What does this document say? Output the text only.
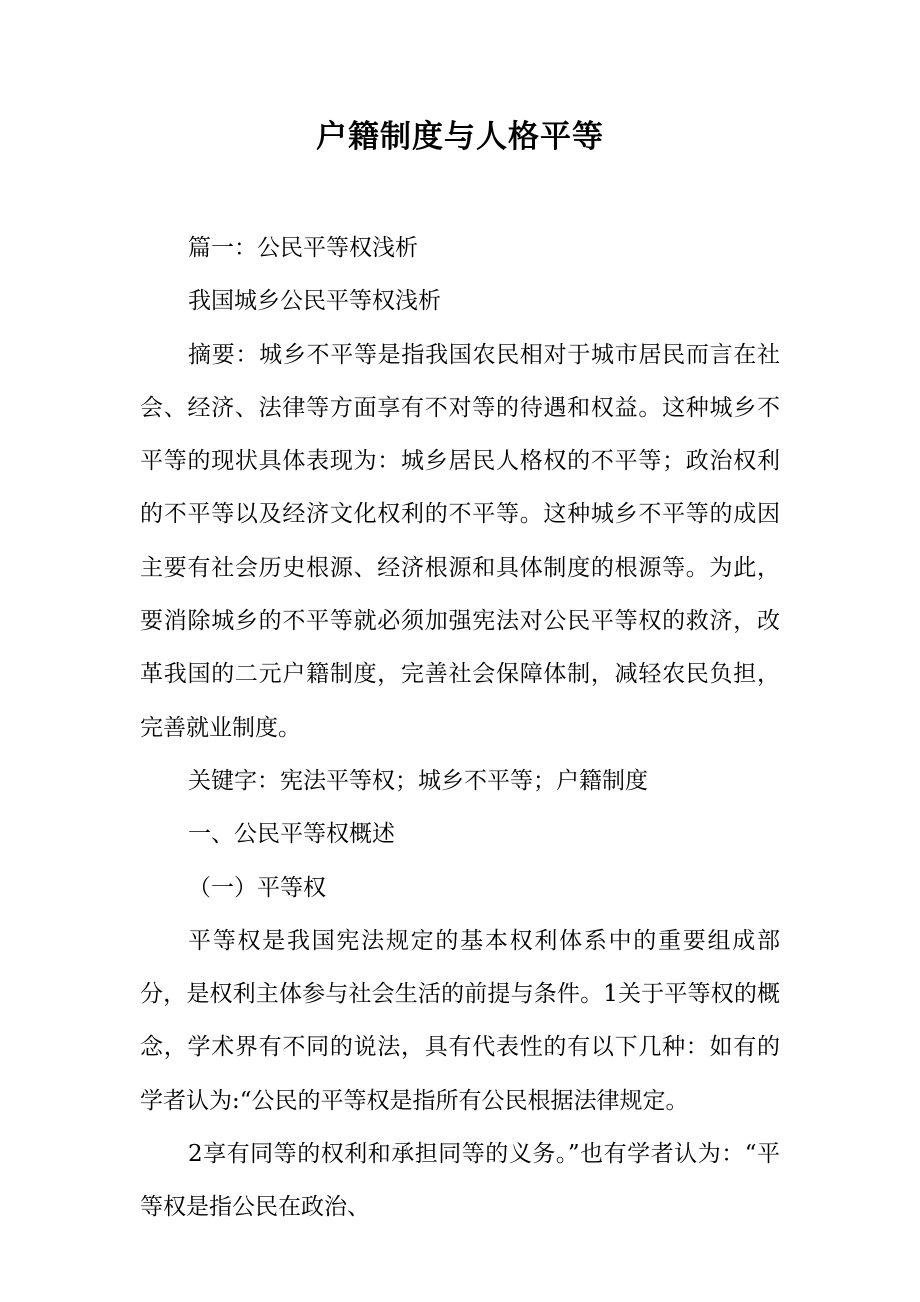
户籍制度与人格平等

篇一：公民平等权浅析

我国城乡公民平等权浅析

摘要：城乡不平等是指我国农民相对于城市居民而言在社会、经济、法律等方面享有不对等的待遇和权益。这种城乡不平等的现状具体表现为：城乡居民人格权的不平等；政治权利的不平等以及经济文化权利的不平等。这种城乡不平等的成因主要有社会历史根源、经济根源和具体制度的根源等。为此，要消除城乡的不平等就必须加强宪法对公民平等权的救济，改革我国的二元户籍制度，完善社会保障体制，减轻农民负担，完善就业制度。

关键字：宪法平等权；城乡不平等；户籍制度

一、公民平等权概述

（一）平等权

平等权是我国宪法规定的基本权利体系中的重要组成部分，是权利主体参与社会生活的前提与条件。1关于平等权的概念，学术界有不同的说法，具有代表性的有以下几种：如有的学者认为:“公民的平等权是指所有公民根据法律规定。

2享有同等的权利和承担同等的义务。”也有学者认为：“平等权是指公民在政治、
